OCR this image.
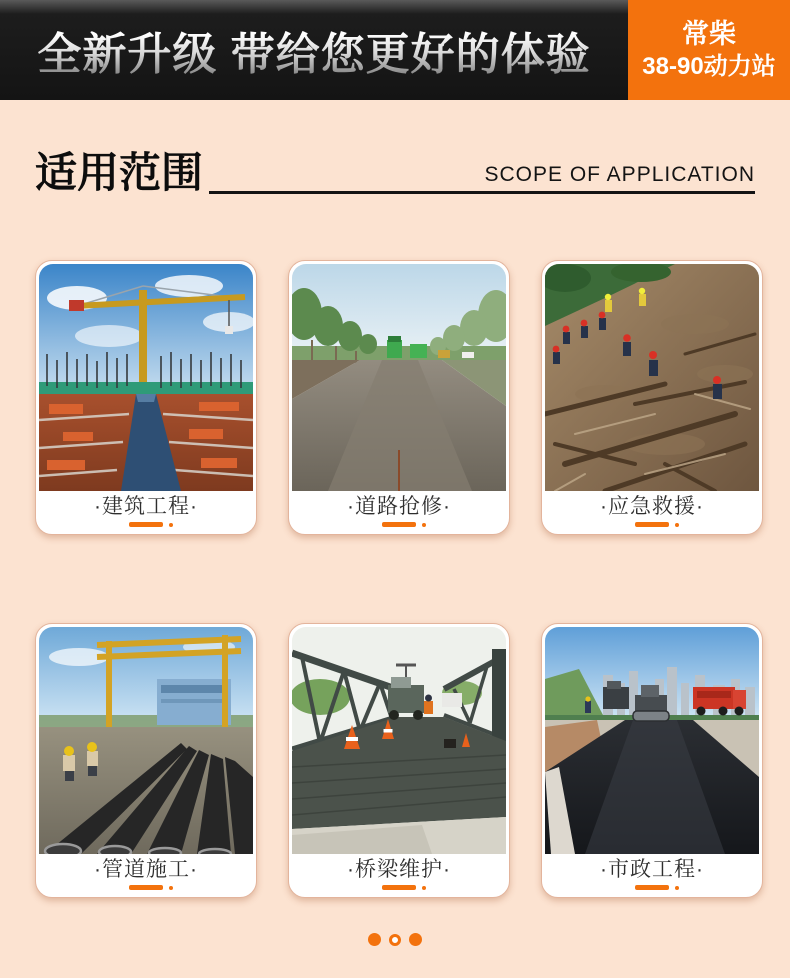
全新升级 带给您更好的体验	常柴
38-90动力站
适用范围	SCOPE OF APPLICATION
·建筑工程·	·道路抢修·	·应急救援·
·管道施工·	·桥梁维护·	·市政工程·
